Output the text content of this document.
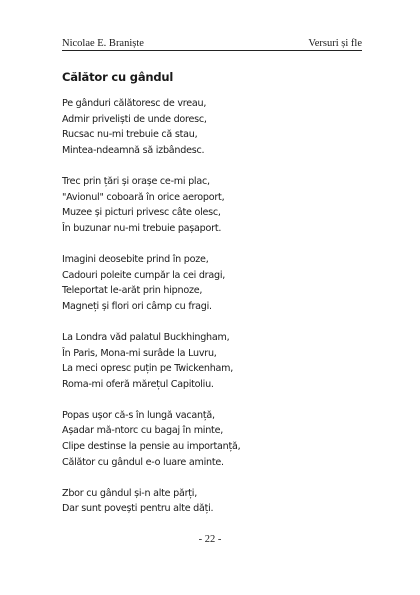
Nicolae E. Braniște	Versuri și fle
Călător cu gândul
Pe gânduri călătoresc de vreau,
Admir priveliști de unde doresc,
Rucsac nu-mi trebuie că stau,
Mintea-ndeamnă să izbândesc.
Trec prin țări și orașe ce-mi plac,
"Avionul" coboară în orice aeroport,
Muzee și picturi privesc câte olesc,
În buzunar nu-mi trebuie pașaport.
Imagini deosebite prind în poze,
Cadouri poleite cumpăr la cei dragi,
Teleportat le-arăt prin hipnoze,
Magneți și flori ori câmp cu fragi.
La Londra văd palatul Buckhingham,
În Paris, Mona-mi surâde la Luvru,
La meci opresc puțin pe Twickenham,
Roma-mi oferă mărețul Capitoliu.
Popas ușor că-s în lungă vacanță,
Așadar mă-ntorc cu bagaj în minte,
Clipe destinse la pensie au importanță,
Călător cu gândul e-o luare aminte.
Zbor cu gândul și-n alte părți,
Dar sunt povești pentru alte dăți.
- 22 -
